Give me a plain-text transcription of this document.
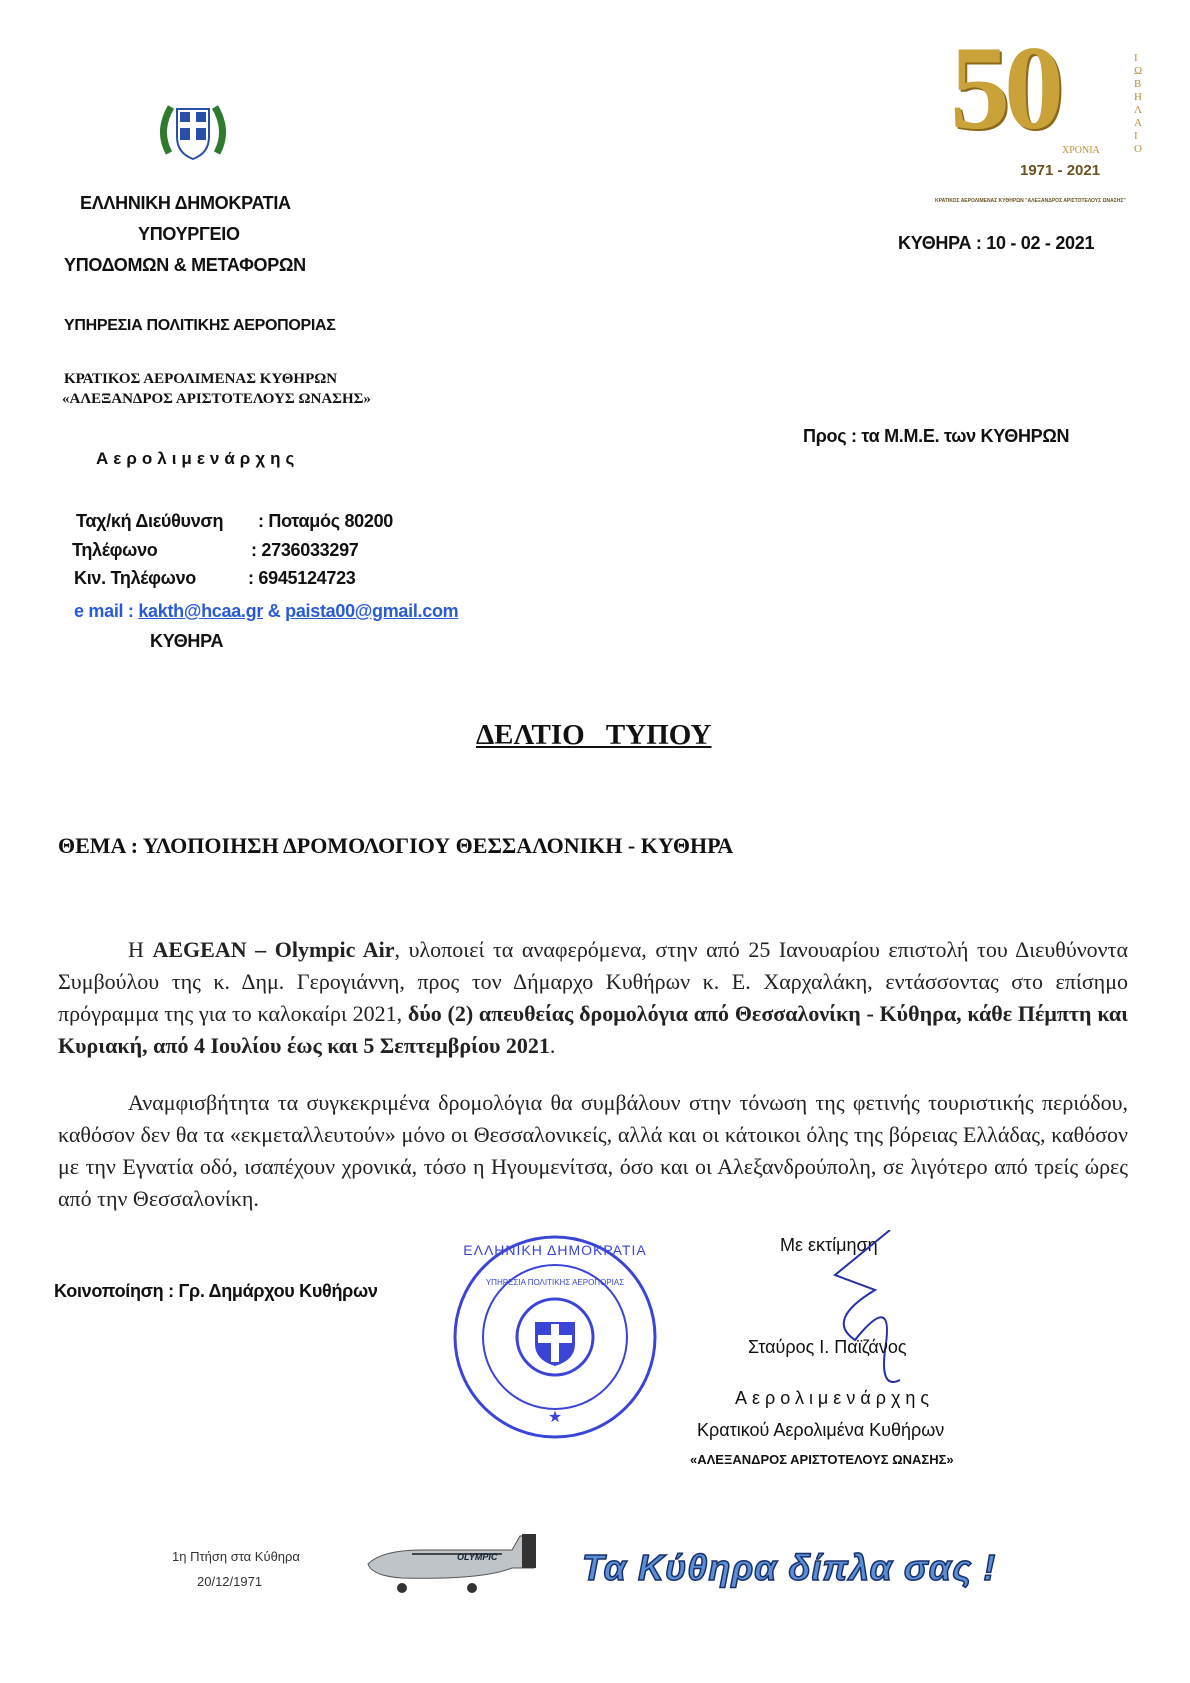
ΕΛΛΗΝΙΚΗ ΔΗΜΟΚΡΑΤΙΑ
ΥΠΟΥΡΓΕΙΟ
ΥΠΟΔΟΜΩΝ & ΜΕΤΑΦΟΡΩΝ
ΥΠΗΡΕΣΙΑ ΠΟΛΙΤΙΚΗΣ ΑΕΡΟΠΟΡΙΑΣ
ΚΡΑΤΙΚΟΣ ΑΕΡΟΛΙΜΕΝΑΣ ΚΥΘΗΡΩΝ
«ΑΛΕΞΑΝΔΡΟΣ ΑΡΙΣΤΟΤΕΛΟΥΣ ΩΝΑΣΗΣ»
Αερολιμενάρχης
Ταχ/κή Διεύθυνση : Ποταμός 80200
Τηλέφωνο	: 2736033297
Κιν. Τηλέφωνο	: 6945124723
e mail : kakth@hcaa.gr & paista00@gmail.com
ΚΥΘΗΡΑ
50	ΙΩΒΗΛΑΙΟ
ΧΡΟΝΙΑ
1971 - 2021
ΚΡΑΤΙΚΟΣ ΑΕΡΟΛΙΜΕΝΑΣ ΚΥΘΗΡΩΝ "ΑΛΕΞΑΝΔΡΟΣ ΑΡΙΣΤΟΤΕΛΟΥΣ ΩΝΑΣΗΣ"
ΚΥΘΗΡΑ : 10 - 02 - 2021
Προς : τα Μ.Μ.Ε. των ΚΥΘΗΡΩΝ
ΔΕΛΤΙΟ   ΤΥΠΟΥ
ΘΕΜΑ : ΥΛΟΠΟΙΗΣΗ ΔΡΟΜΟΛΟΓΙΟΥ ΘΕΣΣΑΛΟΝΙΚΗ - ΚΥΘΗΡΑ
Η AEGEAN – Olympic Air, υλοποιεί τα αναφερόμενα, στην από 25 Ιανουαρίου επιστολή του Διευθύνοντα Συμβούλου της κ. Δημ. Γερογιάννη, προς τον Δήμαρχο Κυθήρων κ. Ε. Χαρχαλάκη, εντάσσοντας στο επίσημο πρόγραμμα της για το καλοκαίρι 2021, δύο (2) απευθείας δρομολόγια από Θεσσαλονίκη - Κύθηρα, κάθε Πέμπτη και Κυριακή, από 4 Ιουλίου έως και 5 Σεπτεμβρίου 2021.
Αναμφισβήτητα τα συγκεκριμένα δρομολόγια θα συμβάλουν στην τόνωση της φετινής τουριστικής περιόδου, καθόσον δεν θα τα «εκμεταλλευτούν» μόνο οι Θεσσαλονικείς, αλλά και οι κάτοικοι όλης της βόρειας Ελλάδας, καθόσον με την Εγνατία οδό, ισαπέχουν χρονικά, τόσο η Ηγουμενίτσα, όσο και οι Αλεξανδρούπολη, σε λιγότερο από τρείς ώρες από την Θεσσαλονίκη.
Κοινοποίηση : Γρ. Δημάρχου Κυθήρων
★
ΕΛΛΗΝΙΚΗ ΔΗΜΟΚΡΑΤΙΑ
ΥΠΗΡΕΣΙΑ ΠΟΛΙΤΙΚΗΣ ΑΕΡΟΠΟΡΙΑΣ
Με εκτίμηση
Σταύρος Ι. Παϊζάνος
Αερολιμενάρχης
Κρατικού Αερολιμένα Κυθήρων
«ΑΛΕΞΑΝΔΡΟΣ ΑΡΙΣΤΟΤΕΛΟΥΣ ΩΝΑΣΗΣ»
1η Πτήση στα Κύθηρα
20/12/1971
OLYMPIC Τα Κύθηρα δίπλα σας !
